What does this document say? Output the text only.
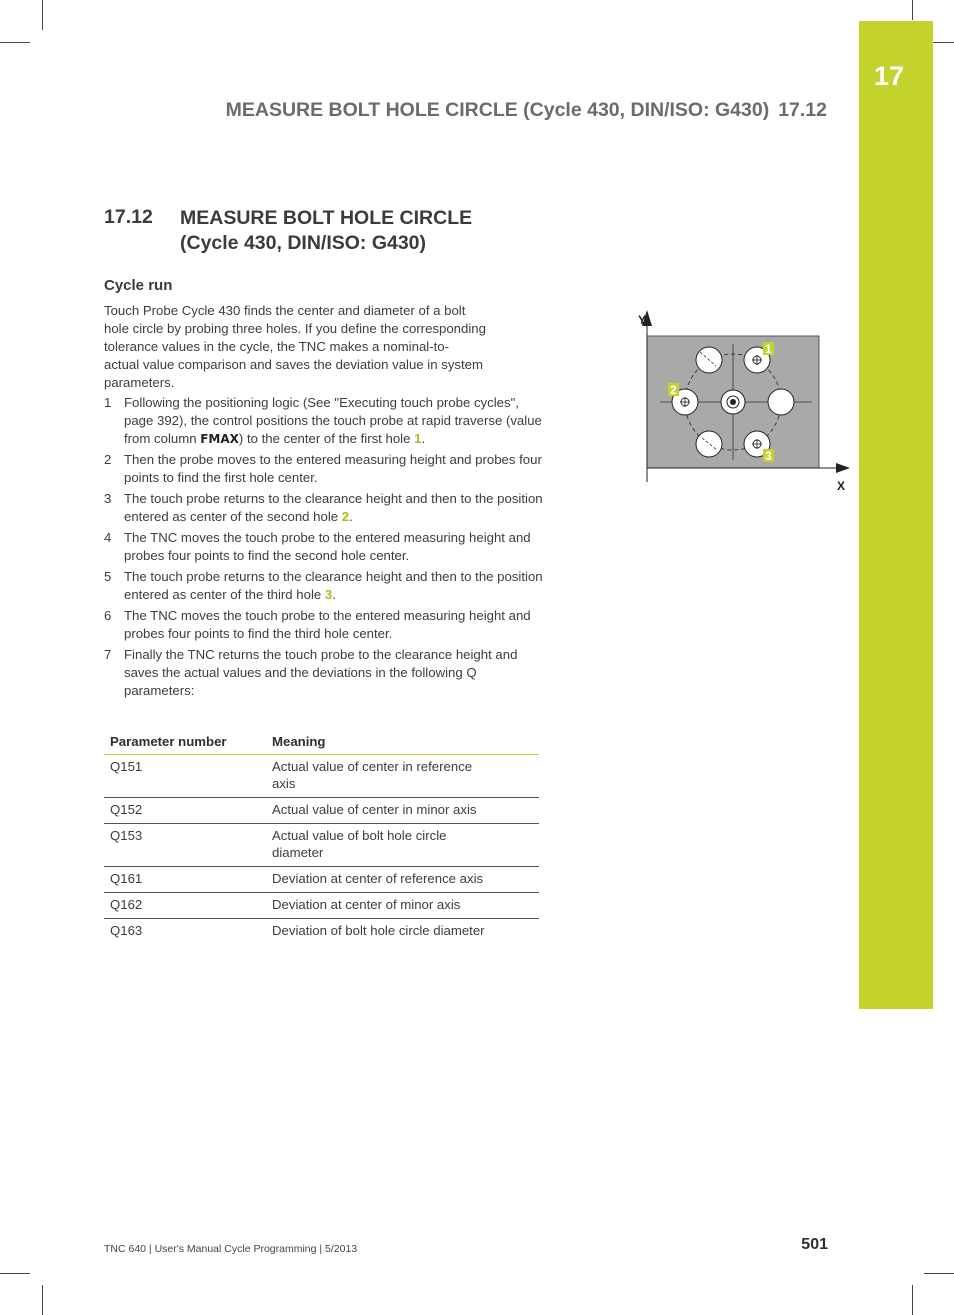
17
MEASURE BOLT HOLE CIRCLE (Cycle 430, DIN/ISO: G430) 17.12
17.12 MEASURE BOLT HOLE CIRCLE
(Cycle 430, DIN/ISO: G430)
Cycle run
Touch Probe Cycle 430 finds the center and diameter of a bolt
hole circle by probing three holes. If you define the corresponding
tolerance values in the cycle, the TNC makes a nominal-to-
actual value comparison and saves the deviation value in system
parameters.
1 Following the positioning logic (See "Executing touch probe cycles", page 392), the control positions the touch probe at rapid traverse (value from column FMAX) to the center of the first hole 1.
2 Then the probe moves to the entered measuring height and probes four points to find the first hole center.
3 The touch probe returns to the clearance height and then to the position entered as center of the second hole 2.
4 The TNC moves the touch probe to the entered measuring height and probes four points to find the second hole center.
5 The touch probe returns to the clearance height and then to the position entered as center of the third hole 3.
6 The TNC moves the touch probe to the entered measuring height and probes four points to find the third hole center.
7 Finally the TNC returns the touch probe to the clearance height and saves the actual values and the deviations in the following Q parameters:
Parameter number	Meaning
Q151	Actual value of center in reference
axis

Q152	Actual value of center in minor axis

Q153	Actual value of bolt hole circle
diameter

Q161	Deviation at center of reference axis

Q162	Deviation at center of minor axis

Q163	Deviation of bolt hole circle diameter
Y
X
1
2
3
TNC 640 | User's Manual Cycle Programming | 5/2013	501
